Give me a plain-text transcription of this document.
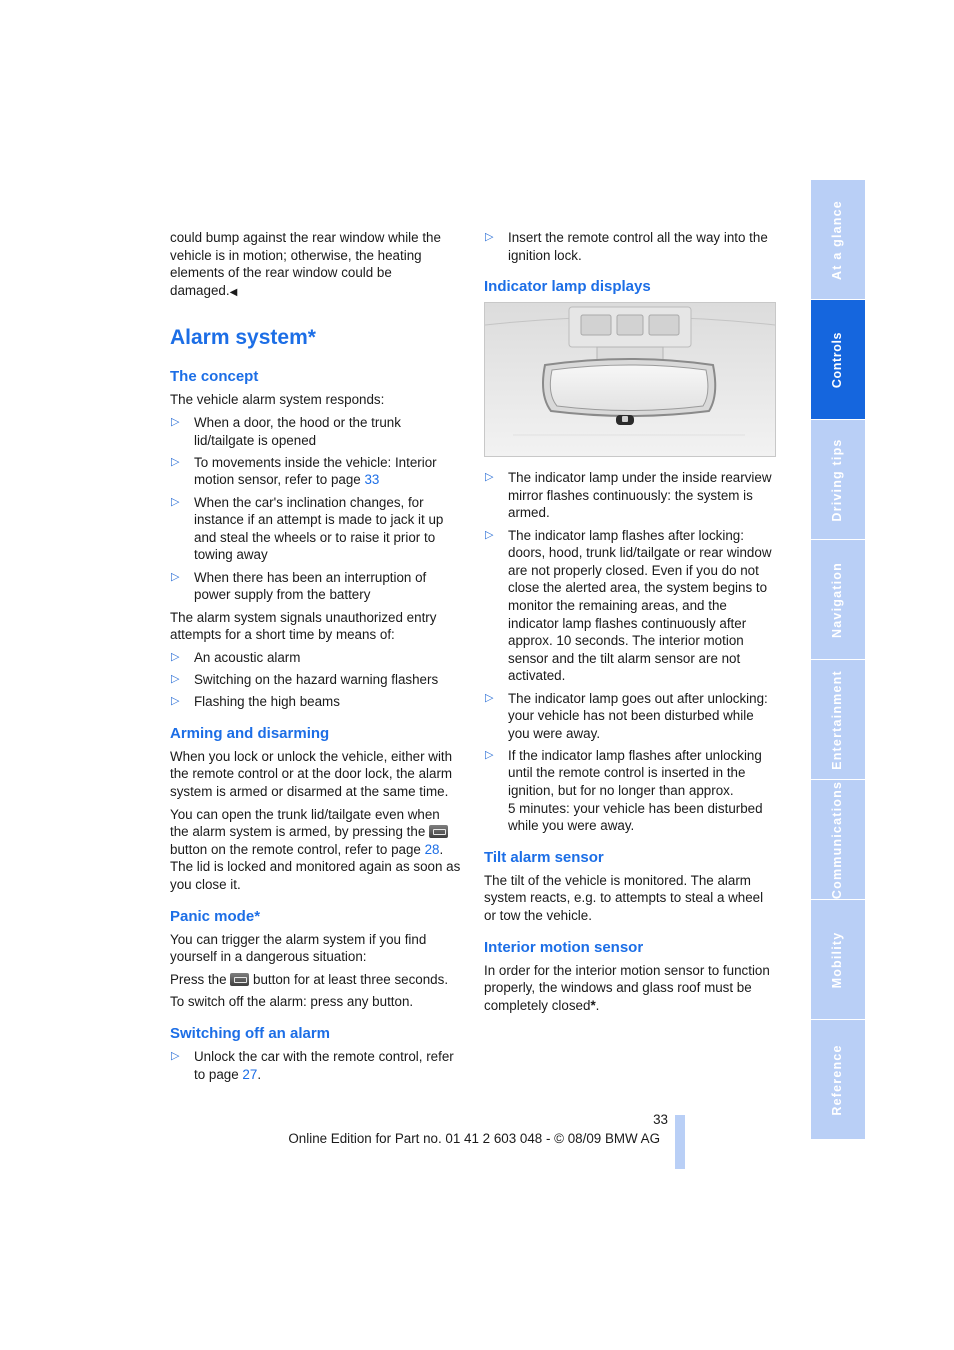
could bump against the rear window while the vehicle is in motion; otherwise, the heating elements of the rear window could be damaged.◀

Alarm system*
The concept

The vehicle alarm system responds:

▷ When a door, the hood or the trunk lid/tailgate is opened
▷ To movements inside the vehicle: Interior motion sensor, refer to page 33
▷ When the car's inclination changes, for instance if an attempt is made to jack it up and steal the wheels or to raise it prior to towing away
▷ When there has been an interruption of power supply from the battery

The alarm system signals unauthorized entry attempts for a short time by means of:

▷ An acoustic alarm
▷ Switching on the hazard warning flashers
▷ Flashing the high beams
Arming and disarming

When you lock or unlock the vehicle, either with the remote control or at the door lock, the alarm system is armed or disarmed at the same time.

You can open the trunk lid/tailgate even when the alarm system is armed, by pressing the  button on the remote control, refer to page 28. The lid is locked and monitored again as soon as you close it.

Panic mode*

You can trigger the alarm system if you find yourself in a dangerous situation:

Press the  button for at least three seconds.

To switch off the alarm: press any button.

Switching off an alarm
▷ Unlock the car with the remote control, refer to page 27.
▷ Insert the remote control all the way into the ignition lock.
Indicator lamp displays
▷ The indicator lamp under the inside rearview mirror flashes continuously: the system is armed.
▷ The indicator lamp flashes after locking: doors, hood, trunk lid/tailgate or rear window are not properly closed. Even if you do not close the alerted area, the system begins to monitor the remaining areas, and the indicator lamp flashes continuously after approx. 10 seconds. The interior motion sensor and the tilt alarm sensor are not activated.
▷ The indicator lamp goes out after unlocking: your vehicle has not been disturbed while you were away.
▷ If the indicator lamp flashes after unlocking until the remote control is inserted in the ignition, but for no longer than approx.
5 minutes: your vehicle has been disturbed while you were away.
Tilt alarm sensor

The tilt of the vehicle is monitored. The alarm system reacts, e.g. to attempts to steal a wheel or tow the vehicle.

Interior motion sensor

In order for the interior motion sensor to function properly, the windows and glass roof must be completely closed*.

At a glance
Controls
Driving tips
Navigation
Entertainment
Communications
Mobility
Reference
33
Online Edition for Part no. 01 41 2 603 048 - © 08/09 BMW AG
